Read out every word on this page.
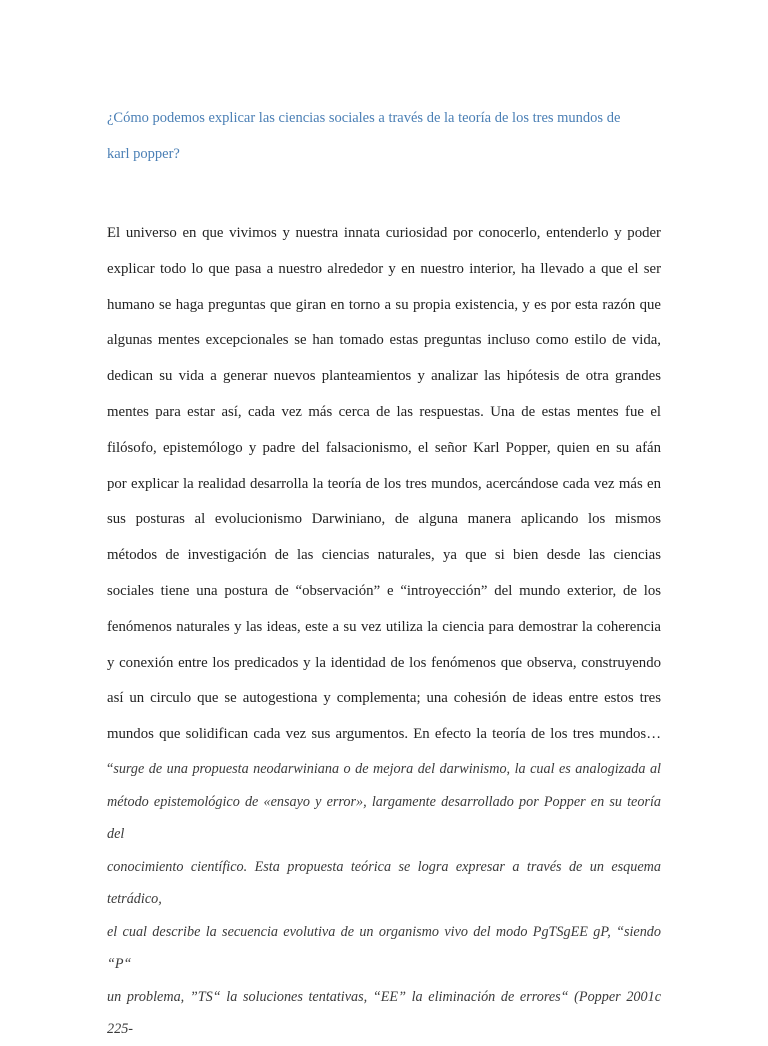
¿Cómo podemos explicar las ciencias sociales a través de la teoría de los tres mundos de
karl popper?

El universo en que vivimos y nuestra innata curiosidad por conocerlo, entenderlo y poder

explicar todo lo que pasa a nuestro alrededor y en nuestro interior, ha llevado a que el ser

humano se haga preguntas que giran en torno a su propia existencia, y es por esta razón que

algunas mentes excepcionales se han tomado estas preguntas incluso como estilo de vida,

dedican su vida a generar nuevos planteamientos y analizar las hipótesis de otra grandes

mentes para estar así, cada vez más cerca de las respuestas. Una de estas mentes fue el

filósofo, epistemólogo y padre del falsacionismo, el señor Karl Popper, quien en su afán

por explicar la realidad desarrolla la teoría de los tres mundos, acercándose cada vez más en

sus posturas al evolucionismo Darwiniano, de alguna manera aplicando los mismos

métodos de investigación de las ciencias naturales, ya que si bien desde las ciencias

sociales tiene una postura de “observación” e “introyección” del mundo exterior, de los

fenómenos naturales y las ideas, este a su vez utiliza la ciencia para demostrar la coherencia

y conexión entre los predicados y la identidad de los fenómenos que observa, construyendo

así un circulo que se autogestiona y complementa; una cohesión de ideas entre estos tres

mundos que solidifican cada vez sus argumentos. En efecto la teoría de los tres mundos…

“surge de una propuesta neodarwiniana o de mejora del darwinismo, la cual es analogizada al

método epistemológico de «ensayo y error», largamente desarrollado por Popper en su teoría del

conocimiento científico. Esta propuesta teórica se logra expresar a través de un esquema tetrádico,

el cual describe la secuencia evolutiva de un organismo vivo del modo PgTSgEE gP, “siendo “P“

un problema, ”TS“ la soluciones tentativas, “EE” la eliminación de errores“ (Popper 2001c 225-
